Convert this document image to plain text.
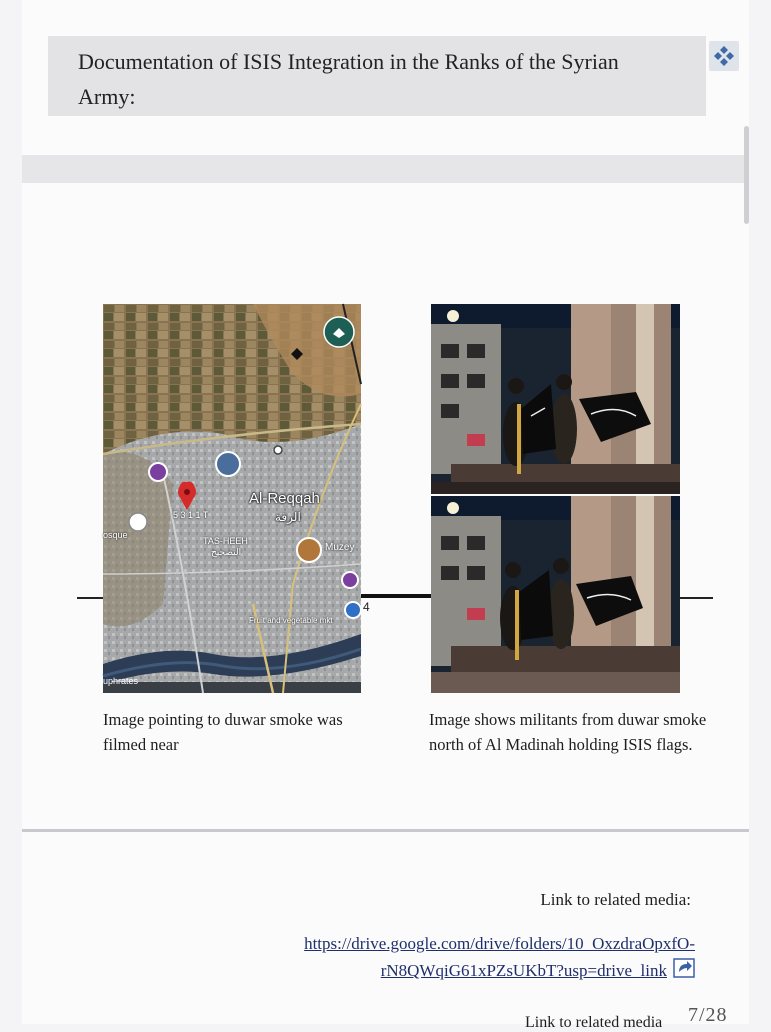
Documentation of ISIS Integration in the Ranks of the Syrian Army:
Al-Reqqah
الرقة
TAS-HEEH
التصحيح	Muzey
Fruit and vegetable mkt
4
5 3 1 1 T
osque
uphrates
Image pointing to duwar smoke was filmed near
Image shows militants from duwar smoke north of Al Madinah holding ISIS flags.
Link to related media:
https://drive.google.com/drive/folders/10_OxzdraOpxfO-
rN8QWqiG61xPZsUKbT?usp=drive_link
Link to related media 7/28
